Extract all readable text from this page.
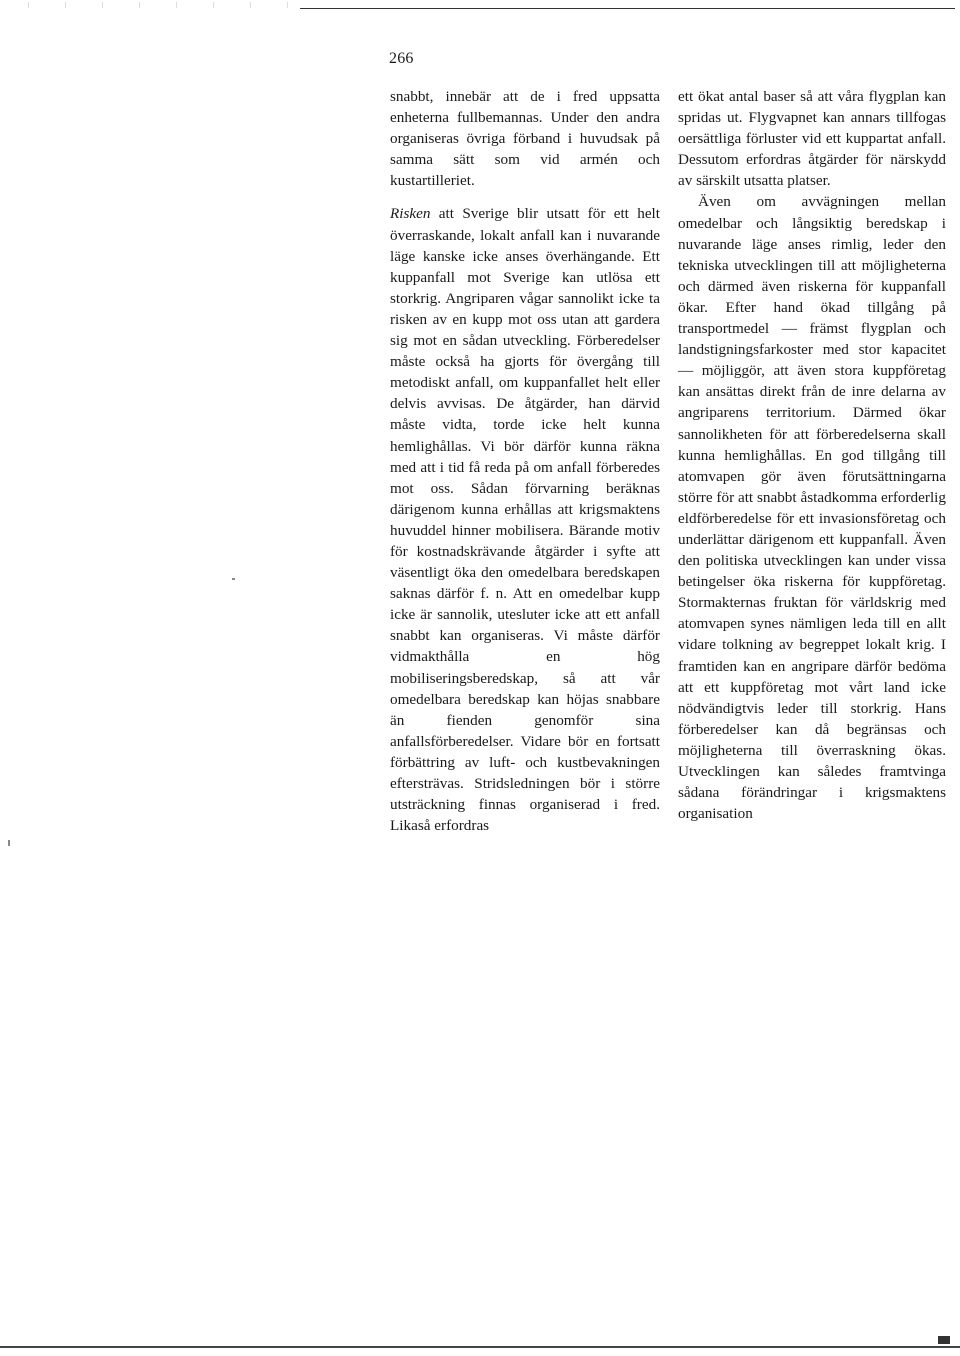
266

snabbt, innebär att de i fred uppsatta enheterna fullbemannas. Under den andra organiseras övriga förband i huvudsak på samma sätt som vid armén och kustartilleriet.

Risken att Sverige blir utsatt för ett helt överraskande, lokalt anfall kan i nuvarande läge kanske icke anses överhängande. Ett kuppanfall mot Sverige kan utlösa ett storkrig. Angriparen vågar sannolikt icke ta risken av en kupp mot oss utan att gardera sig mot en sådan utveckling. Förberedelser måste också ha gjorts för övergång till metodiskt anfall, om kuppanfallet helt eller delvis avvisas. De åtgärder, han därvid måste vidta, torde icke helt kunna hemlighållas. Vi bör därför kunna räkna med att i tid få reda på om anfall förberedes mot oss. Sådan förvarning beräknas därigenom kunna erhållas att krigsmaktens huvuddel hinner mobilisera. Bärande motiv för kostnadskrävande åtgärder i syfte att väsentligt öka den omedelbara beredskapen saknas därför f. n. Att en omedelbar kupp icke är sannolik, utesluter icke att ett anfall snabbt kan organiseras. Vi måste därför vidmakthålla en hög mobiliseringsberedskap, så att vår omedelbara beredskap kan höjas snabbare än fienden genomför sina anfallsförberedelser. Vidare bör en fortsatt förbättring av luft- och kustbevakningen eftersträvas. Stridsledningen bör i större utsträckning finnas organiserad i fred. Likaså erfordras

ett ökat antal baser så att våra flygplan kan spridas ut. Flygvapnet kan annars tillfogas oersättliga förluster vid ett kuppartat anfall. Dessutom erfordras åtgärder för närskydd av särskilt utsatta platser.

Även om avvägningen mellan omedelbar och långsiktig beredskap i nuvarande läge anses rimlig, leder den tekniska utvecklingen till att möjligheterna och därmed även riskerna för kuppanfall ökar. Efter hand ökad tillgång på transportmedel — främst flygplan och landstigningsfarkoster med stor kapacitet — möjliggör, att även stora kuppföretag kan ansättas direkt från de inre delarna av angriparens territorium. Därmed ökar sannolikheten för att förberedelserna skall kunna hemlighållas. En god tillgång till atomvapen gör även förutsättningarna större för att snabbt åstadkomma erforderlig eldförberedelse för ett invasionsföretag och underlättar därigenom ett kuppanfall. Även den politiska utvecklingen kan under vissa betingelser öka riskerna för kuppföretag. Stormakternas fruktan för världskrig med atomvapen synes nämligen leda till en allt vidare tolkning av begreppet lokalt krig. I framtiden kan en angripare därför bedöma att ett kuppföretag mot vårt land icke nödvändigtvis leder till storkrig. Hans förberedelser kan då begränsas och möjligheterna till överraskning ökas. Utvecklingen kan således framtvinga sådana förändringar i krigsmaktens organisation
